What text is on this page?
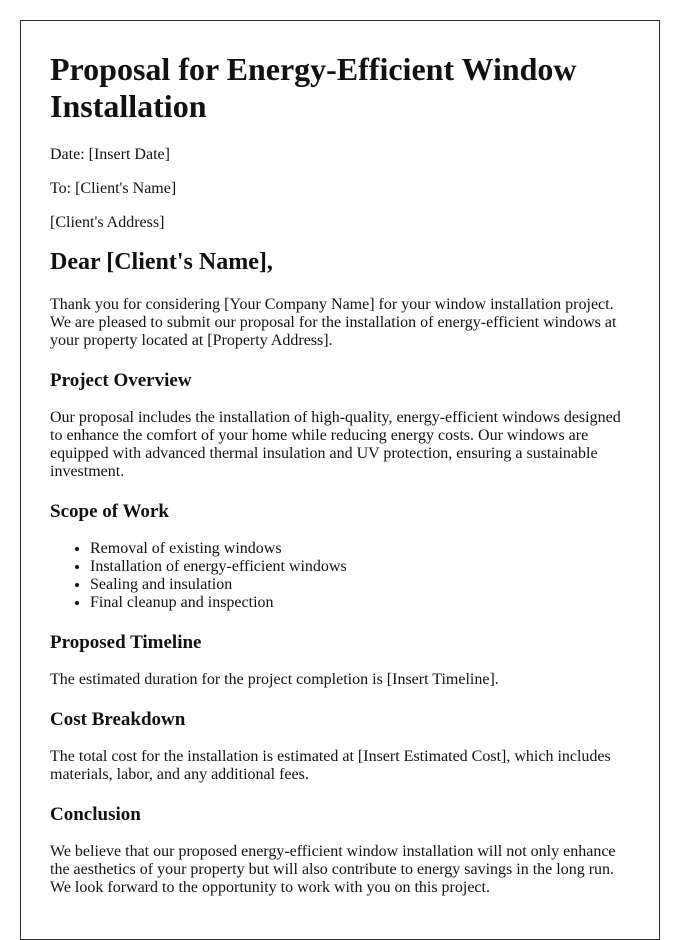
Proposal for Energy-Efficient Window Installation

Date: [Insert Date]

To: [Client's Name]

[Client's Address]

Dear [Client's Name],

Thank you for considering [Your Company Name] for your window installation project. We are pleased to submit our proposal for the installation of energy-efficient windows at your property located at [Property Address].

Project Overview

Our proposal includes the installation of high-quality, energy-efficient windows designed to enhance the comfort of your home while reducing energy costs. Our windows are equipped with advanced thermal insulation and UV protection, ensuring a sustainable investment.

Scope of Work
• Removal of existing windows
• Installation of energy-efficient windows
• Sealing and insulation
• Final cleanup and inspection
Proposed Timeline

The estimated duration for the project completion is [Insert Timeline].

Cost Breakdown

The total cost for the installation is estimated at [Insert Estimated Cost], which includes materials, labor, and any additional fees.

Conclusion

We believe that our proposed energy-efficient window installation will not only enhance the aesthetics of your property but will also contribute to energy savings in the long run. We look forward to the opportunity to work with you on this project.
